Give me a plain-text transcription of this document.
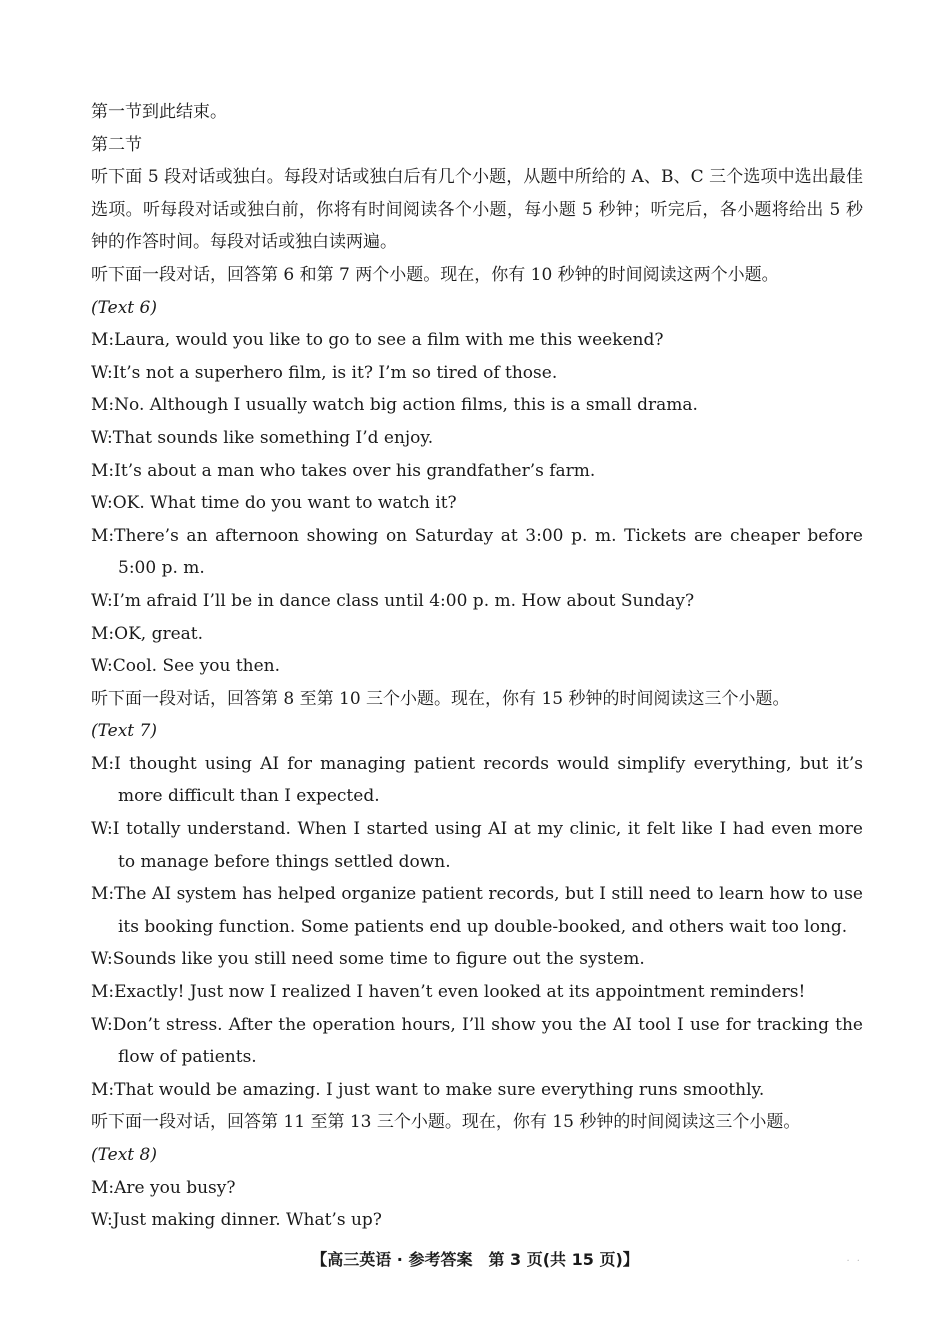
第一节到此结束。
第二节
听下面 5 段对话或独白。每段对话或独白后有几个小题，从题中所给的 A、B、C 三个选项中选出最佳选项。听每段对话或独白前，你将有时间阅读各个小题，每小题 5 秒钟；听完后，各小题将给出 5 秒钟的作答时间。每段对话或独白读两遍。
听下面一段对话，回答第 6 和第 7 两个小题。现在，你有 10 秒钟的时间阅读这两个小题。
(Text 6)
M:Laura, would you like to go to see a film with me this weekend?
W:It’s not a superhero film, is it? I’m so tired of those.
M:No. Although I usually watch big action films, this is a small drama.
W:That sounds like something I’d enjoy.
M:It’s about a man who takes over his grandfather’s farm.
W:OK. What time do you want to watch it?
M:There’s an afternoon showing on Saturday at 3:00 p. m. Tickets are cheaper before 5:00 p. m.
W:I’m afraid I’ll be in dance class until 4:00 p. m. How about Sunday?
M:OK, great.
W:Cool. See you then.
听下面一段对话，回答第 8 至第 10 三个小题。现在，你有 15 秒钟的时间阅读这三个小题。
(Text 7)
M:I thought using AI for managing patient records would simplify everything, but it’s more difficult than I expected.
W:I totally understand. When I started using AI at my clinic, it felt like I had even more to manage before things settled down.
M:The AI system has helped organize patient records, but I still need to learn how to use its booking function. Some patients end up double-booked, and others wait too long.
W:Sounds like you still need some time to figure out the system.
M:Exactly! Just now I realized I haven’t even looked at its appointment reminders!
W:Don’t stress. After the operation hours, I’ll show you the AI tool I use for tracking the flow of patients.
M:That would be amazing. I just want to make sure everything runs smoothly.
听下面一段对话，回答第 11 至第 13 三个小题。现在，你有 15 秒钟的时间阅读这三个小题。
(Text 8)
M:Are you busy?
W:Just making dinner. What’s up?
【高三英语 · 参考答案　第 3 页(共 15 页)】	· ·
